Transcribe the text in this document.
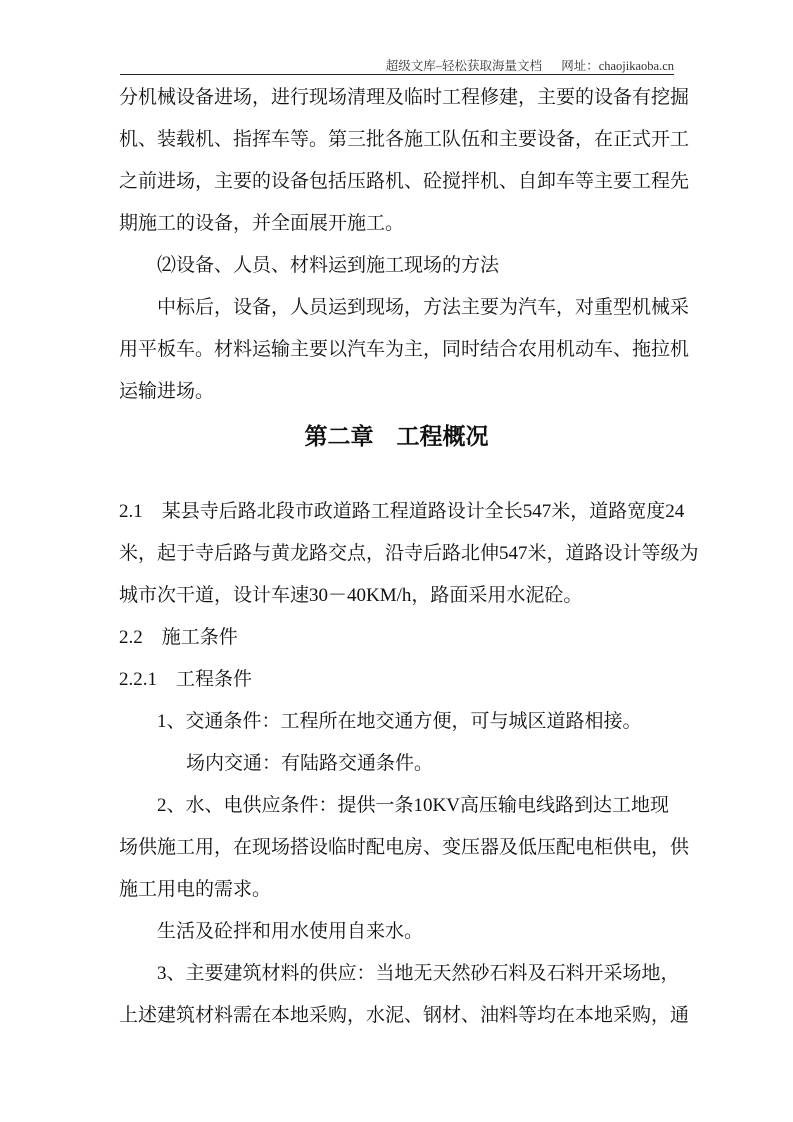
超级文库–轻松获取海量文档 网址：chaojikaoba.cn
分机械设备进场，进行现场清理及临时工程修建，主要的设备有挖掘
机、装载机、指挥车等。第三批各施工队伍和主要设备，在正式开工
之前进场，主要的设备包括压路机、砼搅拌机、自卸车等主要工程先
期施工的设备，并全面展开施工。
⑵设备、人员、材料运到施工现场的方法
中标后，设备，人员运到现场，方法主要为汽车，对重型机械采
用平板车。材料运输主要以汽车为主，同时结合农用机动车、拖拉机
运输进场。
第二章　工程概况
2.1　某县寺后路北段市政道路工程道路设计全长547米，道路宽度24
米，起于寺后路与黄龙路交点，沿寺后路北伸547米，道路设计等级为
城市次干道，设计车速30－40KM/h，路面采用水泥砼。
2.2　施工条件
2.2.1　工程条件
1、交通条件：工程所在地交通方便，可与城区道路相接。
场内交通：有陆路交通条件。
2、水、电供应条件：提供一条10KV高压输电线路到达工地现
场供施工用，在现场搭设临时配电房、变压器及低压配电柜供电，供
施工用电的需求。
生活及砼拌和用水使用自来水。
3、主要建筑材料的供应：当地无天然砂石料及石料开采场地，
上述建筑材料需在本地采购，水泥、钢材、油料等均在本地采购，通
